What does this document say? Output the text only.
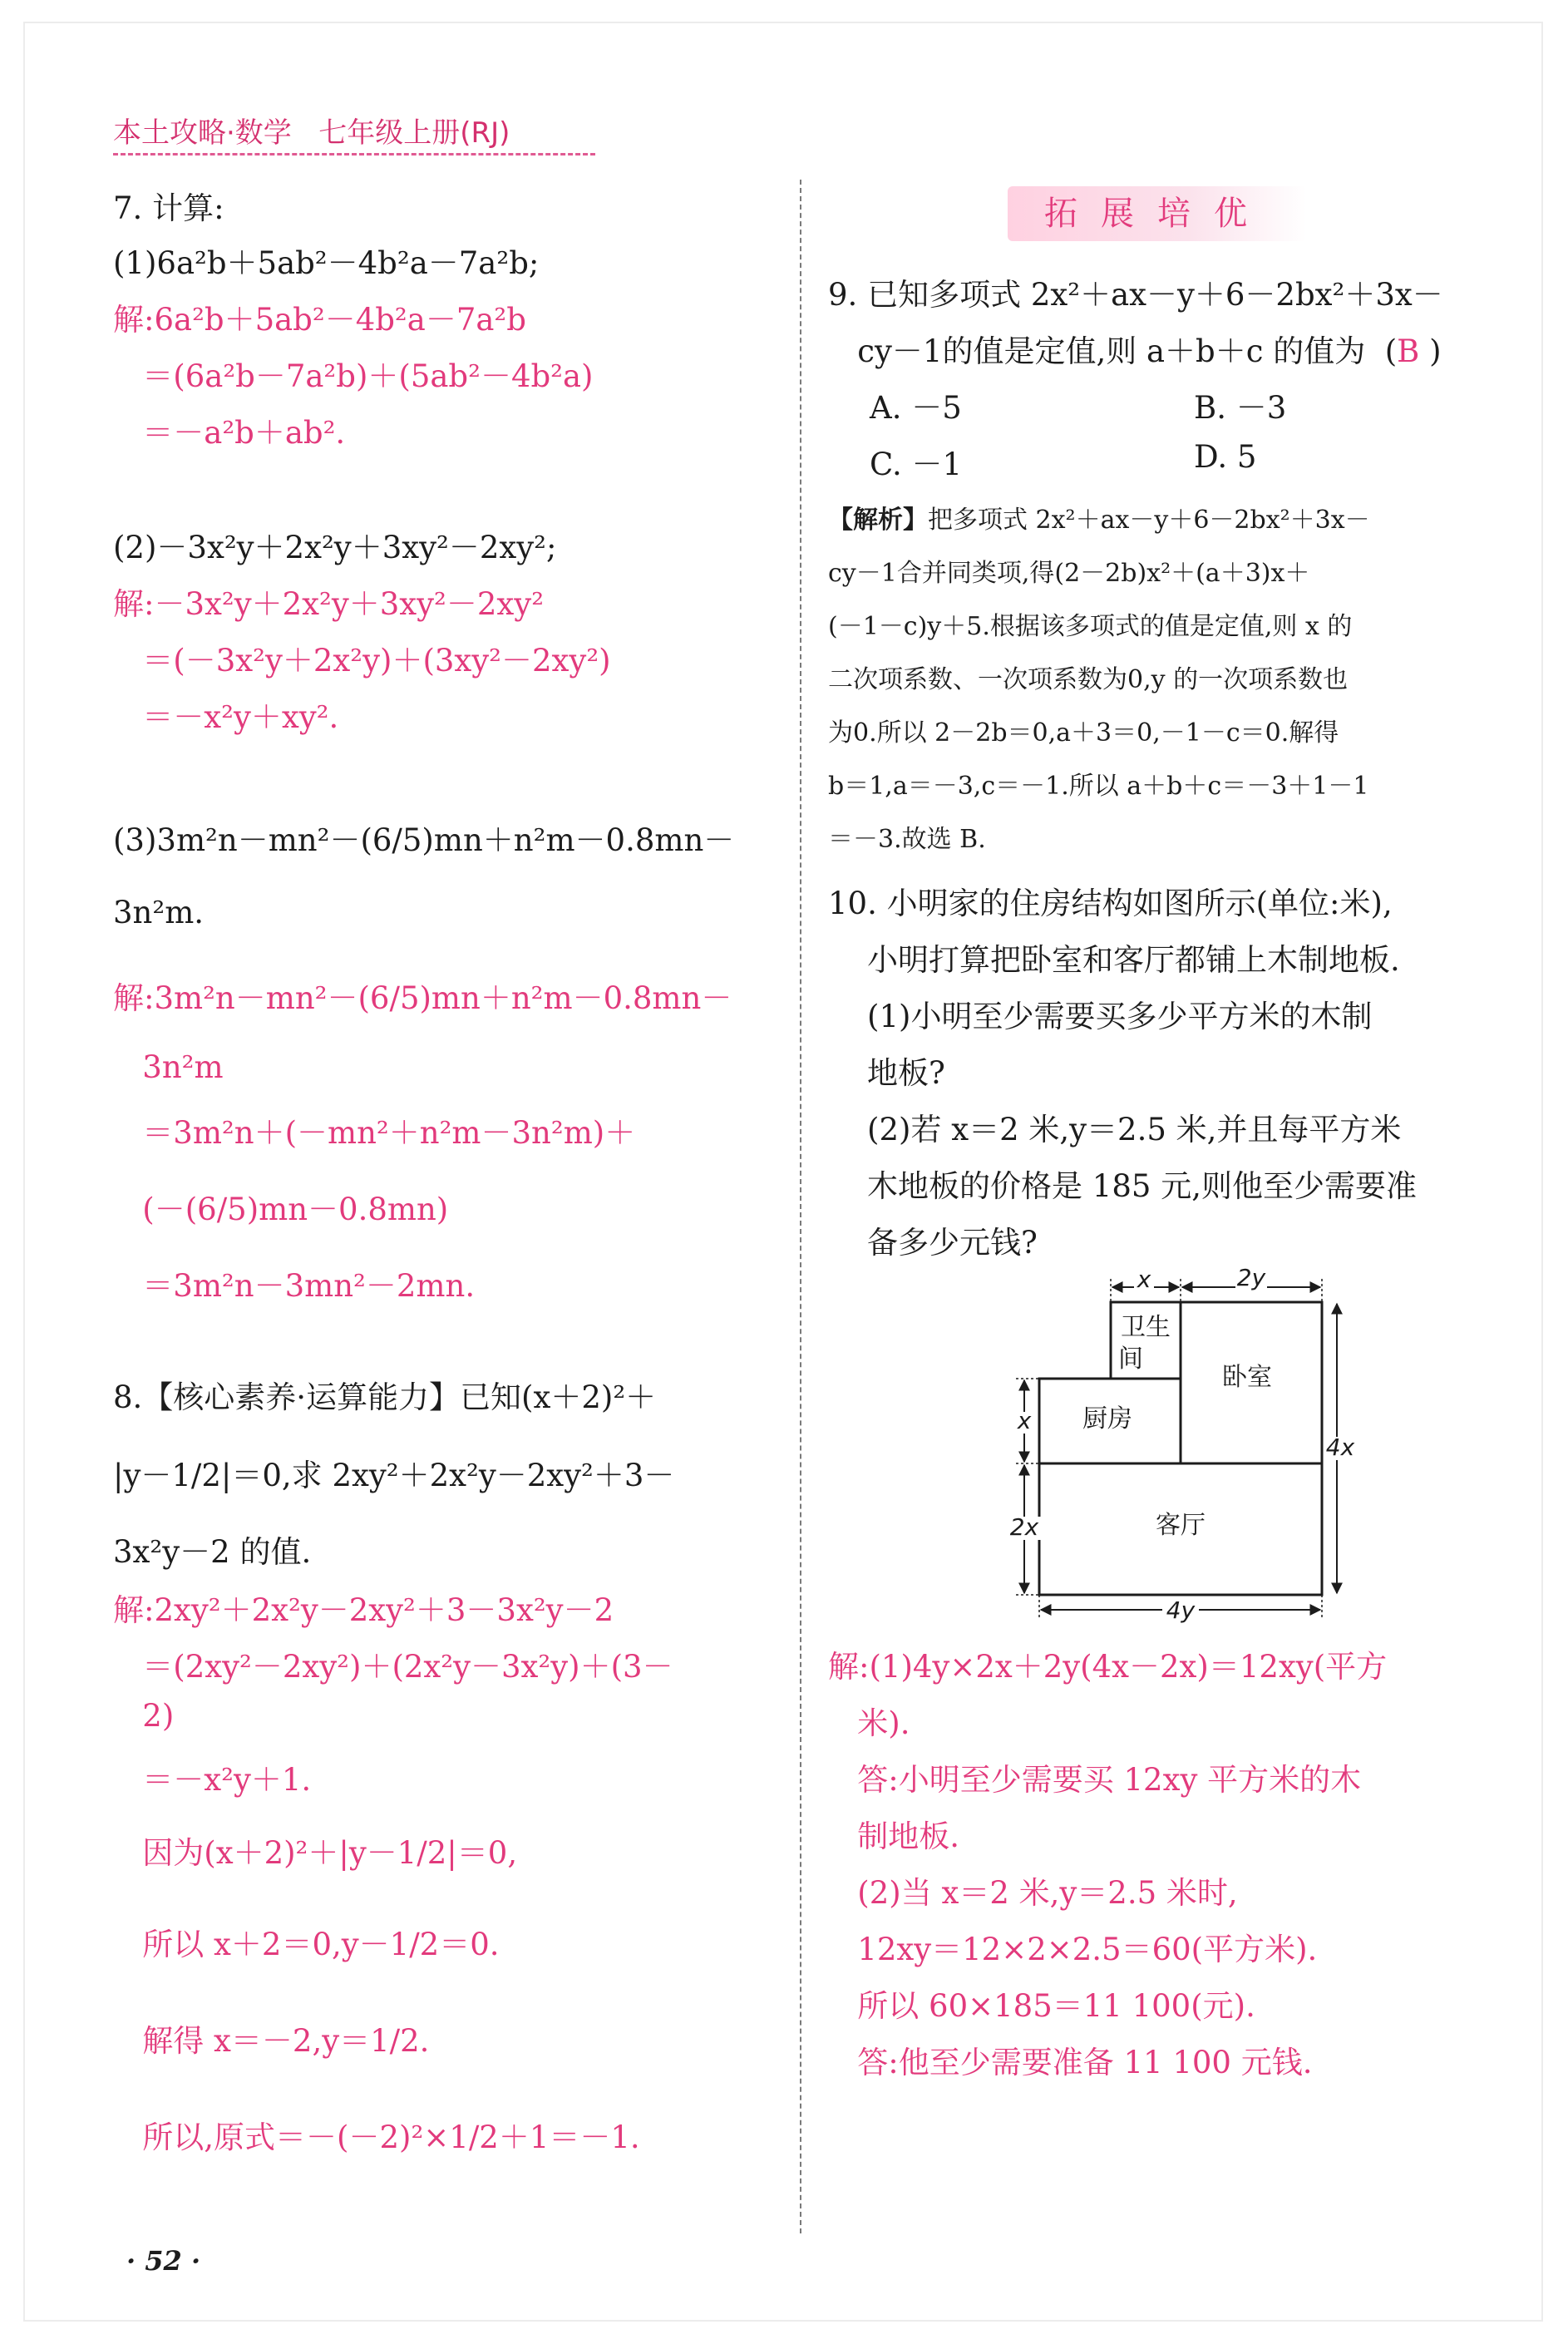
本土攻略·数学   七年级上册(RJ)
7. 计算:
(1)6a²b＋5ab²－4b²a－7a²b;
解:6a²b＋5ab²－4b²a－7a²b
＝(6a²b－7a²b)＋(5ab²－4b²a)
＝－a²b＋ab².
(2)－3x²y＋2x²y＋3xy²－2xy²;
解:－3x²y＋2x²y＋3xy²－2xy²
＝(－3x²y＋2x²y)＋(3xy²－2xy²)
＝－x²y＋xy².
(3)3m²n－mn²－(6/5)mn＋n²m－0.8mn－
3n²m.
解:3m²n－mn²－(6/5)mn＋n²m－0.8mn－
3n²m
＝3m²n＋(－mn²＋n²m－3n²m)＋
(－(6/5)mn－0.8mn)
＝3m²n－3mn²－2mn.
8.【核心素养·运算能力】已知(x＋2)²＋
|y－1/2|＝0,求 2xy²＋2x²y－2xy²＋3－
3x²y－2 的值.
解:2xy²＋2x²y－2xy²＋3－3x²y－2
＝(2xy²－2xy²)＋(2x²y－3x²y)＋(3－
2)
＝－x²y＋1.
因为(x＋2)²＋|y－1/2|＝0,
所以 x＋2＝0,y－1/2＝0.
解得 x＝－2,y＝1/2.
所以,原式＝－(－2)²×1/2＋1＝－1.
拓展培优
9. 已知多项式 2x²＋ax－y＋6－2bx²＋3x－
cy－1的值是定值,则 a＋b＋c 的值为  (B )
A. －5	B. －3
C. －1	D. 5
【解析】把多项式 2x²＋ax－y＋6－2bx²＋3x－
cy－1合并同类项,得(2－2b)x²＋(a＋3)x＋
(－1－c)y＋5.根据该多项式的值是定值,则 x 的
二次项系数、一次项系数为0,y 的一次项系数也
为0.所以 2－2b＝0,a＋3＝0,－1－c＝0.解得
b＝1,a＝－3,c＝－1.所以 a＋b＋c＝－3＋1－1
＝－3.故选 B.
10. 小明家的住房结构如图所示(单位:米),
小明打算把卧室和客厅都铺上木制地板.
(1)小明至少需要买多少平方米的木制
地板?
(2)若 x＝2 米,y＝2.5 米,并且每平方米
木地板的价格是 185 元,则他至少需要准
备多少元钱?
解:(1)4y×2x＋2y(4x－2x)＝12xy(平方
米).
答:小明至少需要买 12xy 平方米的木
制地板.
(2)当 x＝2 米,y＝2.5 米时,
12xy＝12×2×2.5＝60(平方米).
所以 60×185＝11 100(元).
答:他至少需要准备 11 100 元钱.
卫生
间
卧室
厨房
客厅
x	2y
x
2x
4x
4y
· 52 ·
